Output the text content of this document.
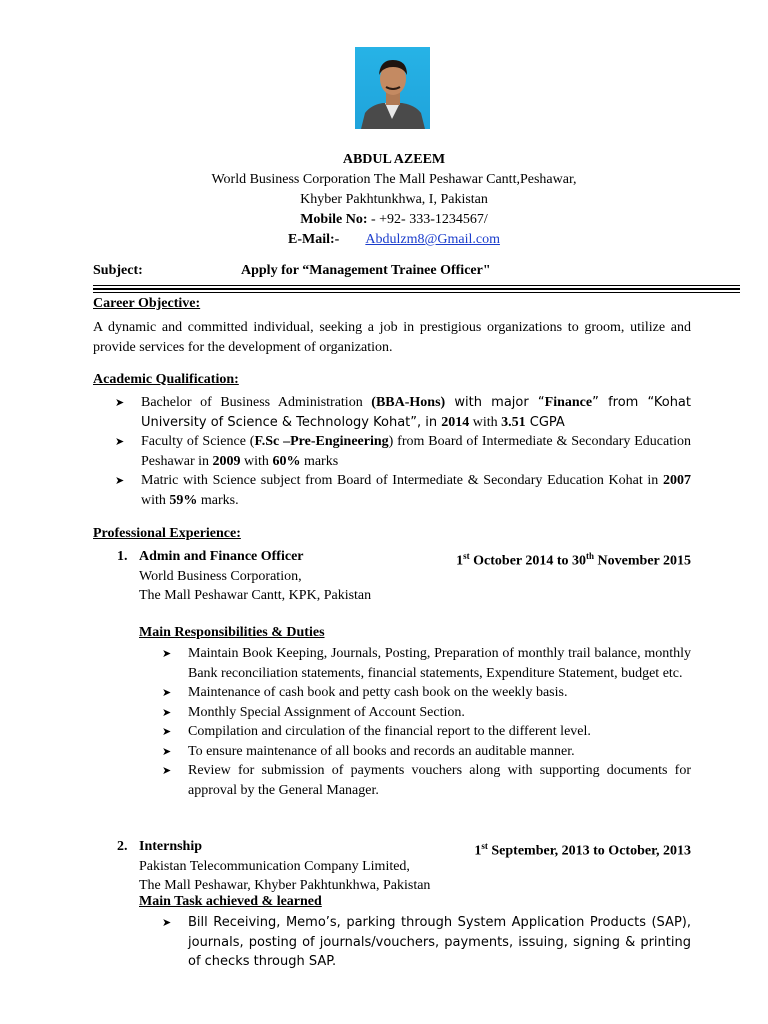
ABDUL AZEEM
World Business Corporation The Mall Peshawar Cantt,Peshawar,
Khyber Pakhtunkhwa, I, Pakistan
Mobile No: - +92- 333-1234567/
E-Mail:- Abdulzm8@Gmail.com
Subject:	Apply for “Management Trainee Officer"
Career Objective:
A dynamic and committed individual, seeking a job in prestigious organizations to groom, utilize and provide services for the development of organization.
Academic Qualification:
➤ Bachelor of Business Administration (BBA-Hons) with major “Finance” from “Kohat University of Science & Technology Kohat”, in 2014 with 3.51 CGPA
➤ Faculty of Science (F.Sc –Pre-Engineering) from Board of Intermediate & Secondary Education Peshawar in 2009 with 60% marks
➤ Matric with Science subject from Board of Intermediate & Secondary Education Kohat in 2007 with 59% marks.
Professional Experience:
1. Admin and Finance Officer	1st October 2014 to 30th November 2015
World Business Corporation,
The Mall Peshawar Cantt, KPK, Pakistan
Main Responsibilities & Duties
➤ Maintain Book Keeping, Journals, Posting, Preparation of monthly trail balance, monthly Bank reconciliation statements, financial statements, Expenditure Statement, budget etc.
➤ Maintenance of cash book and petty cash book on the weekly basis.
➤ Monthly Special Assignment of Account Section.
➤ Compilation and circulation of the financial report to the different level.
➤ To ensure maintenance of all books and records an auditable manner.
➤ Review for submission of payments vouchers along with supporting documents for approval by the General Manager.
2. Internship	1st September, 2013 to October, 2013
Pakistan Telecommunication Company Limited,
The Mall Peshawar, Khyber Pakhtunkhwa, Pakistan
Main Task achieved & learned
➤ Bill Receiving, Memo’s, parking through System Application Products (SAP), journals, posting of journals/vouchers, payments, issuing, signing & printing of checks through SAP.
